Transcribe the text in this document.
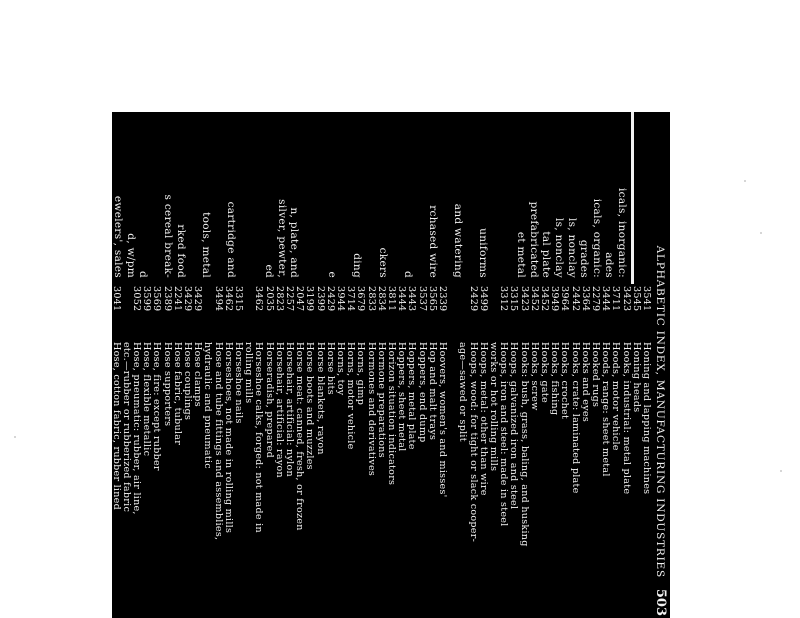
ALPHABETIC INDEX, MANUFACTURING INDUSTRIES
503
icals, inorganic:
ades
icals, organic:
grades
ls, nonclay
ls, nonclay
tal plate
prefabricated
et metal
uniforms
and watering
rchased wire
d
ckers
ding
e
n, plate, and
silver, pewter,
ed
cartridge and
tools, metal
rked food
s cereal break-
d
d, w/pm
ewelers', sales
3541Honing and lapping machines
3545Honing heads
3423Hooks, industrial: metal plate
3711Hoods, motor vehicle
3444Hoods, range: sheet metal
2279Hooked rugs
3364Hooks and eyes
2442Hooks, crate: laminated plate
3964Hooks, crochet
3949Hooks, fishing
3452Hooks, gate
3452Hooks, screw
3423Hooks: bush, grass, baling, and husking
3315Hoops, galvanized iron and steel
3312Hoops, iron and steel: made in steel
works or hot rolling mills
3499Hoops, metal: other than wire
2429Hoops, wood: for tight or slack cooper-
age—sawed or split
2339Hoovers, women's and misses'
3565Hop and malt trays
3537Hoppers, end dump
3443Hoppers, metal plate
3444Hoppers, sheet metal
3811Horizon situation indicators
2834Hormone preparations
2833Hormones and derivatives
3679Horns, gimp
3714Horns, motor vehicle
3944Horns, toy
2429Horse bits
2399Horse blankets, rayon
3199Horse boots and muzzles
2047Horse meat: canned, fresh, or frozen
2257Horsehair, artificial: nylon
2823Horsehair, artificial: rayon
2035Horseradish, prepared
3462Horseshoe calks, forged: not made in
rolling mills
3315Horseshoe nails
3462Horseshoes, not made in rolling mills
3494Hose and tube fittings and assemblies,
hydraulic and pneumatic
3429Hose clamps
3429Hose couplings
2241Hose fabric, tubular
2389Hose supporters
3569Hose, fire: except rubber
3599Hose, flexible metallic
3052Hose, pneumatic: rubber, air line,
etc.—rubber or rubberized fabric
3041Hose, cotton fabric, rubber lined
